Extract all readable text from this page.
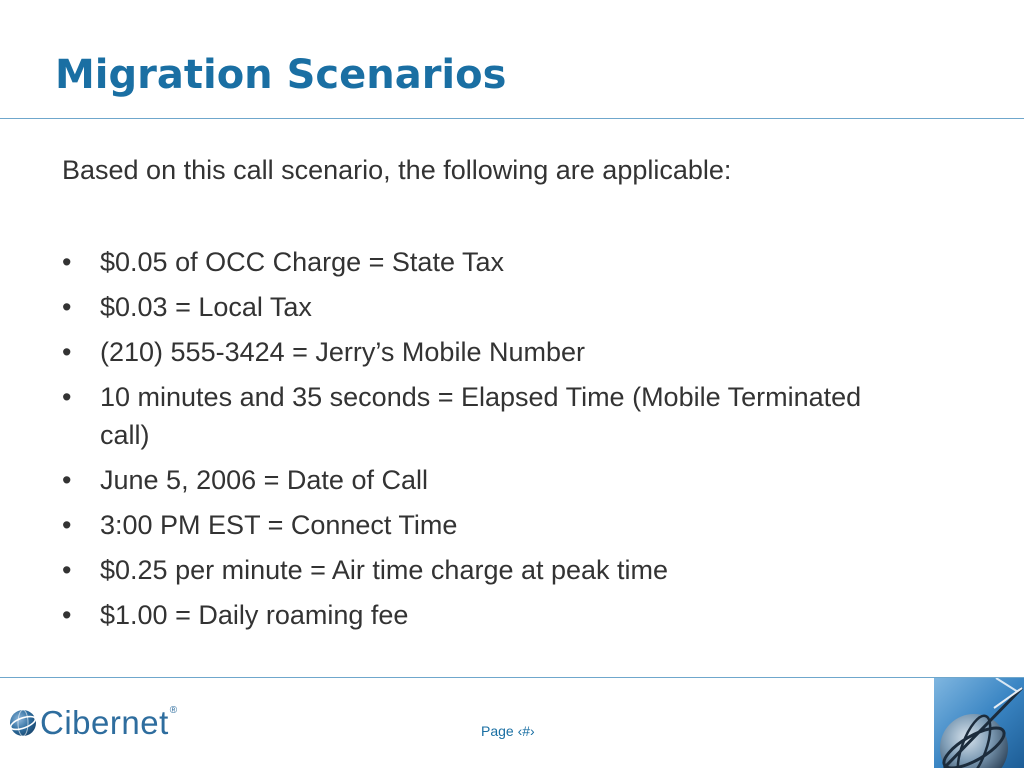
Migration Scenarios
Based on this call scenario, the following are applicable:
•	$0.05 of OCC Charge = State Tax
•	$0.03 = Local Tax
•	(210) 555-3424 = Jerry’s Mobile Number
•	10 minutes and 35 seconds = Elapsed Time (Mobile Terminated call)
•	June 5, 2006 = Date of Call
•	3:00 PM EST = Connect Time
•	$0.25 per minute = Air time charge at peak time
•	$1.00 = Daily roaming fee
Cibernet ®
Page ‹#›
